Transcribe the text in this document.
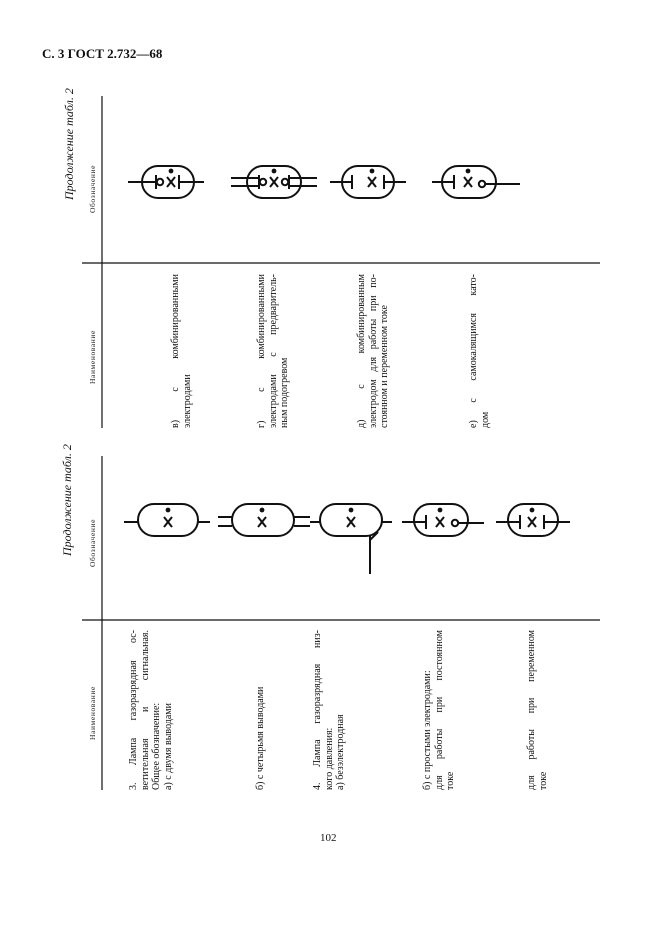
С. 3 ГОСТ 2.732—68
Продолжение табл. 2 Обозначение
Наименование	в) с комбинированными электродами	г) с комбинированными электродами с предваритель- ным подогревом	д) с комбинированным электродом для работы при по- стоянном и переменном токе	е) с самокалящимся като- дом

Продолжение табл. 2 Обозначение
Наименование	3. Лампа газоразрядная ос- ветительная и сигнальная. Общее обозначение: а) с двумя выводами	б) с четырьмя выводами	4. Лампа газоразрядная низ- кого давления: а) безэлектродная	б) с простыми электродами: для работы при постоянном токе	для работы при переменном токе

102
